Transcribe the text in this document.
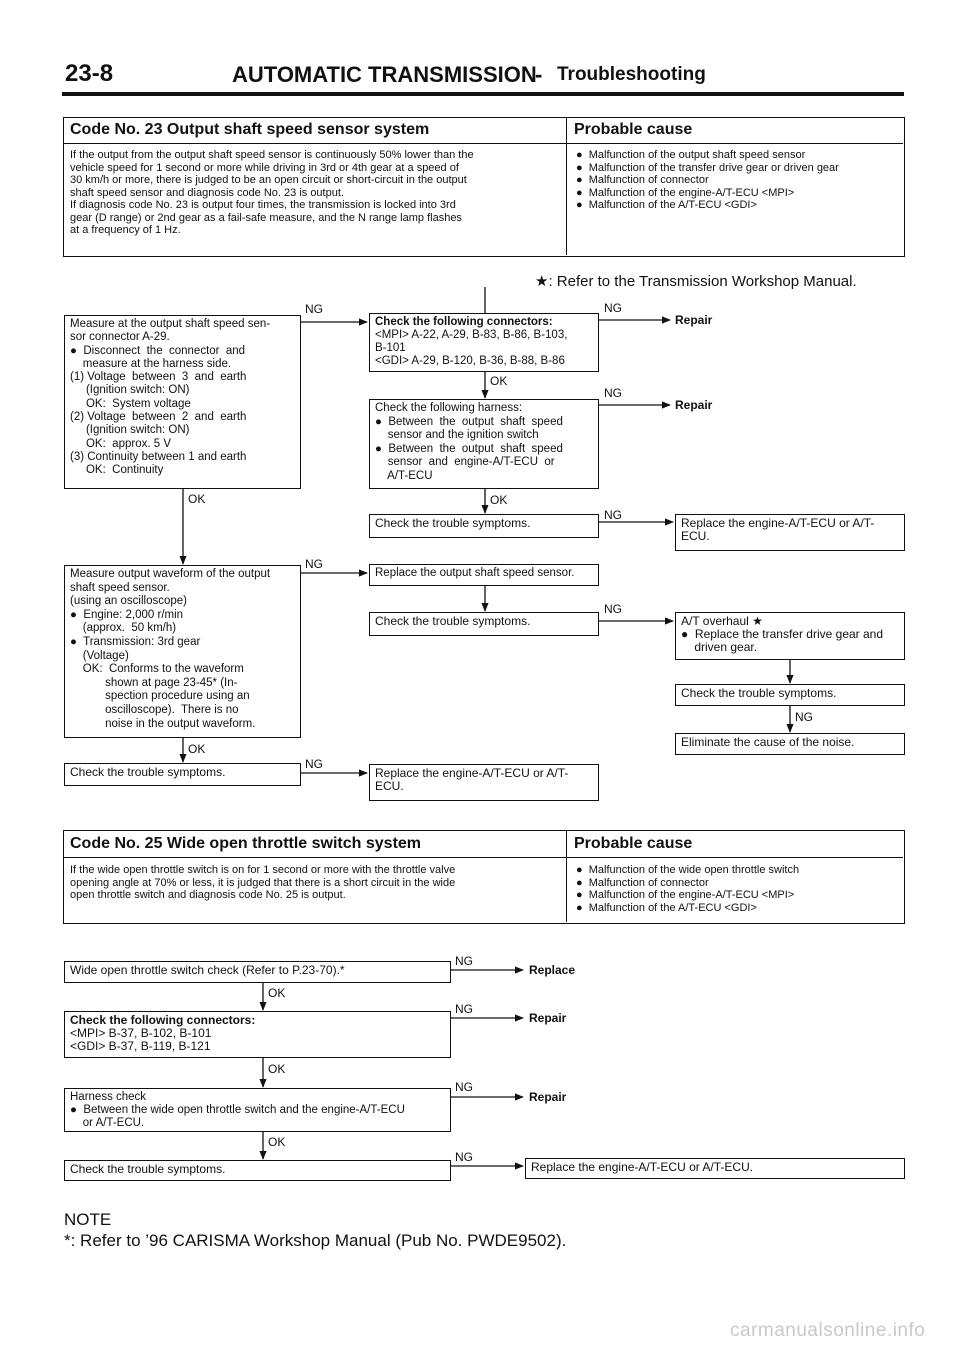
23-8	AUTOMATIC TRANSMISSION
- Troubleshooting
Code No. 23 Output shaft speed sensor system	Probable cause
If the output from the output shaft speed sensor is continuously 50% lower than the
vehicle speed for 1 second or more while driving in 3rd or 4th gear at a speed of
30 km/h or more, there is judged to be an open circuit or short-circuit in the output
shaft speed sensor and diagnosis code No. 23 is output.
If diagnosis code No. 23 is output four times, the transmission is locked into 3rd
gear (D range) or 2nd gear as a fail-safe measure, and the N range lamp flashes
at a frequency of 1 Hz.
●  Malfunction of the output shaft speed sensor
●  Malfunction of the transfer drive gear or driven gear
●  Malfunction of connector
●  Malfunction of the engine-A/T-ECU <MPI>
●  Malfunction of the A/T-ECU <GDI>
★: Refer to the Transmission Workshop Manual.
Measure at the output shaft speed sen-
sor connector A-29.
●  Disconnect  the  connector  and
measure at the harness side.
(1) Voltage  between  3  and  earth
(Ignition switch: ON)
OK:  System voltage
(2) Voltage  between  2  and  earth
(Ignition switch: ON)
OK:  approx. 5 V
(3) Continuity between 1 and earth
OK:  Continuity
Check the following connectors:
<MPI> A-22, A-29, B-83, B-86, B-103,
B-101
<GDI> A-29, B-120, B-36, B-88, B-86
Check the following harness:
●  Between  the  output  shaft  speed
sensor and the ignition switch
●  Between  the  output  shaft  speed
sensor  and  engine-A/T-ECU  or
A/T-ECU
Check the trouble symptoms.	Replace the engine-A/T-ECU or A/T-
ECU.
Measure output waveform of the output
shaft speed sensor.
(using an oscilloscope)
●  Engine: 2,000 r/min
(approx.  50 km/h)
●  Transmission: 3rd gear
(Voltage)
OK:  Conforms to the waveform
shown at page 23-45* (In-
spection procedure using an
oscilloscope).  There is no
noise in the output waveform.
Replace the output shaft speed sensor.
Check the trouble symptoms.	A/T overhaul ★
●  Replace the transfer drive gear and
driven gear.
Check the trouble symptoms.
Eliminate the cause of the noise.
Check the trouble symptoms.	Replace the engine-A/T-ECU or A/T-
ECU.
Repair
Repair
NG	NG
OK
NG
OK
OK
NG
NG
NG
NG
OK
NG
Code No. 25 Wide open throttle switch system	Probable cause
If the wide open throttle switch is on for 1 second or more with the throttle valve
opening angle at 70% or less, it is judged that there is a short circuit in the wide
open throttle switch and diagnosis code No. 25 is output.
●  Malfunction of the wide open throttle switch
●  Malfunction of connector
●  Malfunction of the engine-A/T-ECU <MPI>
●  Malfunction of the A/T-ECU <GDI>
Wide open throttle switch check (Refer to P.23-70).*
Check the following connectors:
<MPI> B-37, B-102, B-101
<GDI> B-37, B-119, B-121
Harness check
●  Between the wide open throttle switch and the engine-A/T-ECU
or A/T-ECU.
Check the trouble symptoms.	Replace the engine-A/T-ECU or A/T-ECU.
Replace
Repair
Repair
NG
OK
NG
OK
NG
OK
NG
NOTE
*: Refer to ’96 CARISMA Workshop Manual (Pub No. PWDE9502).
carmanualsonline.info
